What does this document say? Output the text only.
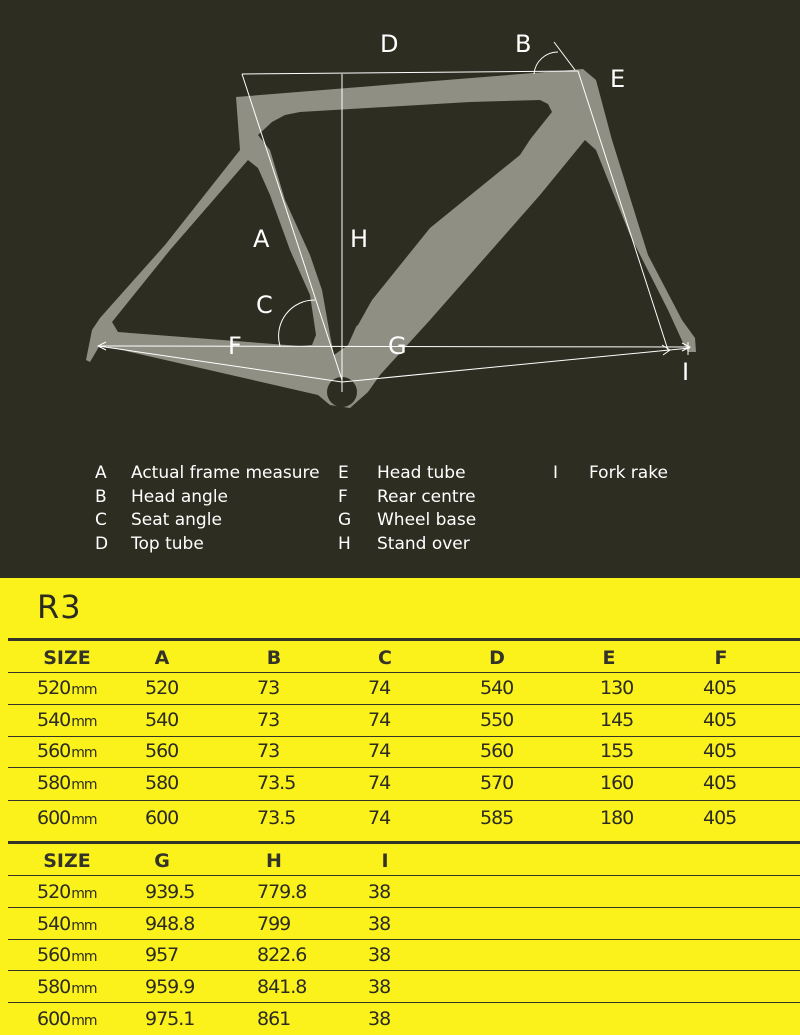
D	B
E
A	H
C
F	G
I
A Actual frame measure
B Head angle
C Seat angle
D Top tube
E Head tube
F Rear centre
G Wheel base
H Stand over
I Fork rake
R3
SIZE	A	B	C	D	E	F
520mm	520	73	74	540	130	405
540mm	540	73	74	550	145	405
560mm	560	73	74	560	155	405
580mm	580	73.5	74	570	160	405
600mm	600	73.5	74	585	180	405
SIZE	G	H	I
520mm	939.5	779.8	38
540mm	948.8	799	38
560mm	957	822.6	38
580mm	959.9	841.8	38
600mm	975.1	861	38
